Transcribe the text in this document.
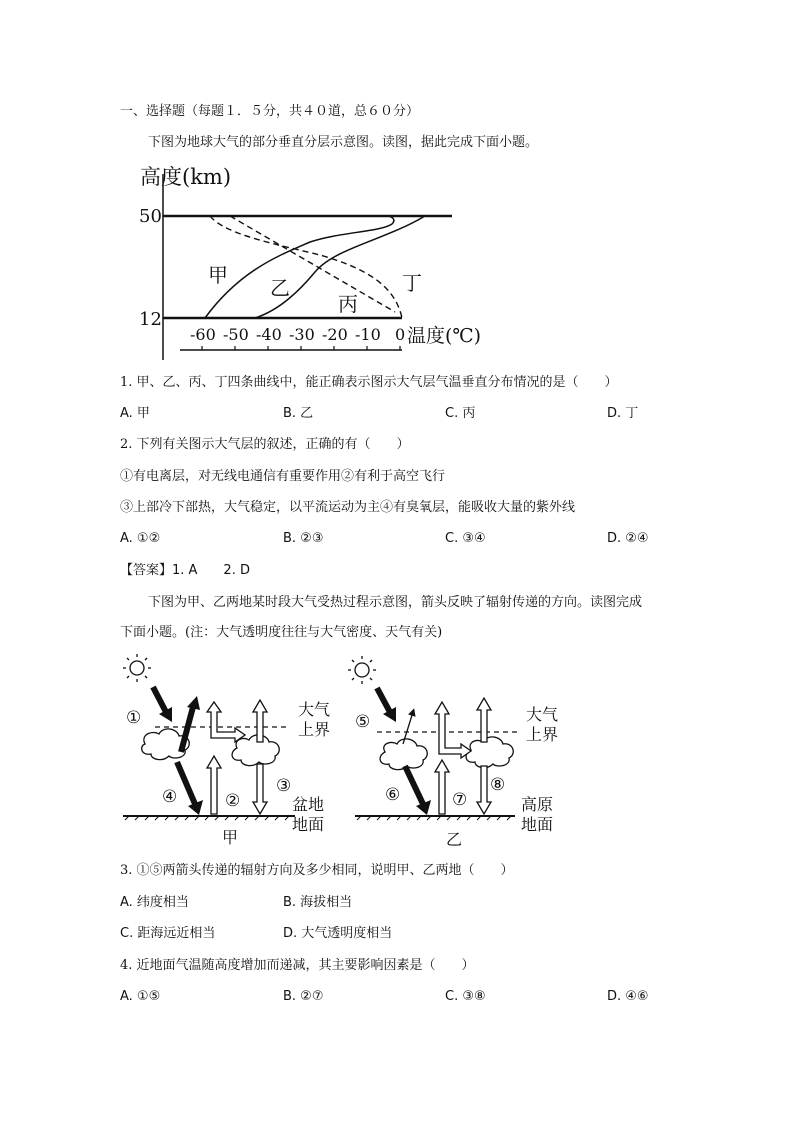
一、选择题（每题１．５分，共４０道，总６０分）
下图为地球大气的部分垂直分层示意图。读图，据此完成下面小题。
高度(km)
50
12
-60 -50 -40 -30 -20 -10 0 温度(℃)
甲
乙
丙
丁
1. 甲、乙、丙、丁四条曲线中，能正确表示图示大气层气温垂直分布情况的是（　　）
A. 甲	B. 乙	C. 丙	D. 丁
2. 下列有关图示大气层的叙述，正确的有（　　）
①有电离层，对无线电通信有重要作用②有利于高空飞行
③上部冷下部热，大气稳定，以平流运动为主④有臭氧层，能吸收大量的紫外线
A. ①②	B. ②③	C. ③④	D. ②④
【答案】1. A　　2. D
下图为甲、乙两地某时段大气受热过程示意图，箭头反映了辐射传递的方向。读图完成
下面小题。(注：大气透明度往往与大气密度、天气有关)
①
②
③
④
大气
上界
盆地
地面
甲
⑤
⑥	⑦
⑧
大气
上界
高原
地面
乙
3. ①⑤两箭头传递的辐射方向及多少相同，说明甲、乙两地（　　）
A. 纬度相当	B. 海拔相当
C. 距海远近相当	D. 大气透明度相当
4. 近地面气温随高度增加而递减，其主要影响因素是（　　）
A. ①⑤	B. ②⑦	C. ③⑧	D. ④⑥
